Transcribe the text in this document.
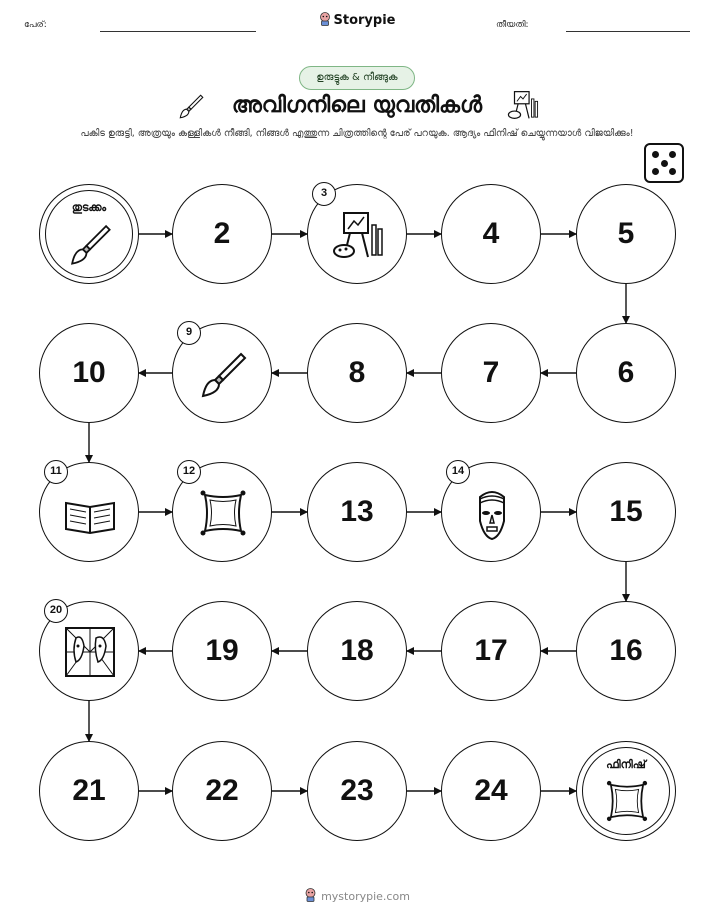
പേര്:	Storypie	തീയതി:
ഉരുട്ടുക & നീങ്ങുക
അവിഗനിലെ യുവതികൾ
പകിട ഉരുട്ടി, അത്രയും കള്ളികൾ നീങ്ങി, നിങ്ങൾ എത്തുന്ന ചിത്രത്തിന്റെ പേര് പറയുക. ആദ്യം ഫിനിഷ് ചെയ്യുന്നയാൾ വിജയിക്കും!
തുടക്കം
2
3
4	5
6
7
8
9
10
11	12
13
14
15
16
17
18
19
20
21	22	23	24
ഫിനിഷ്
mystorypie.com
